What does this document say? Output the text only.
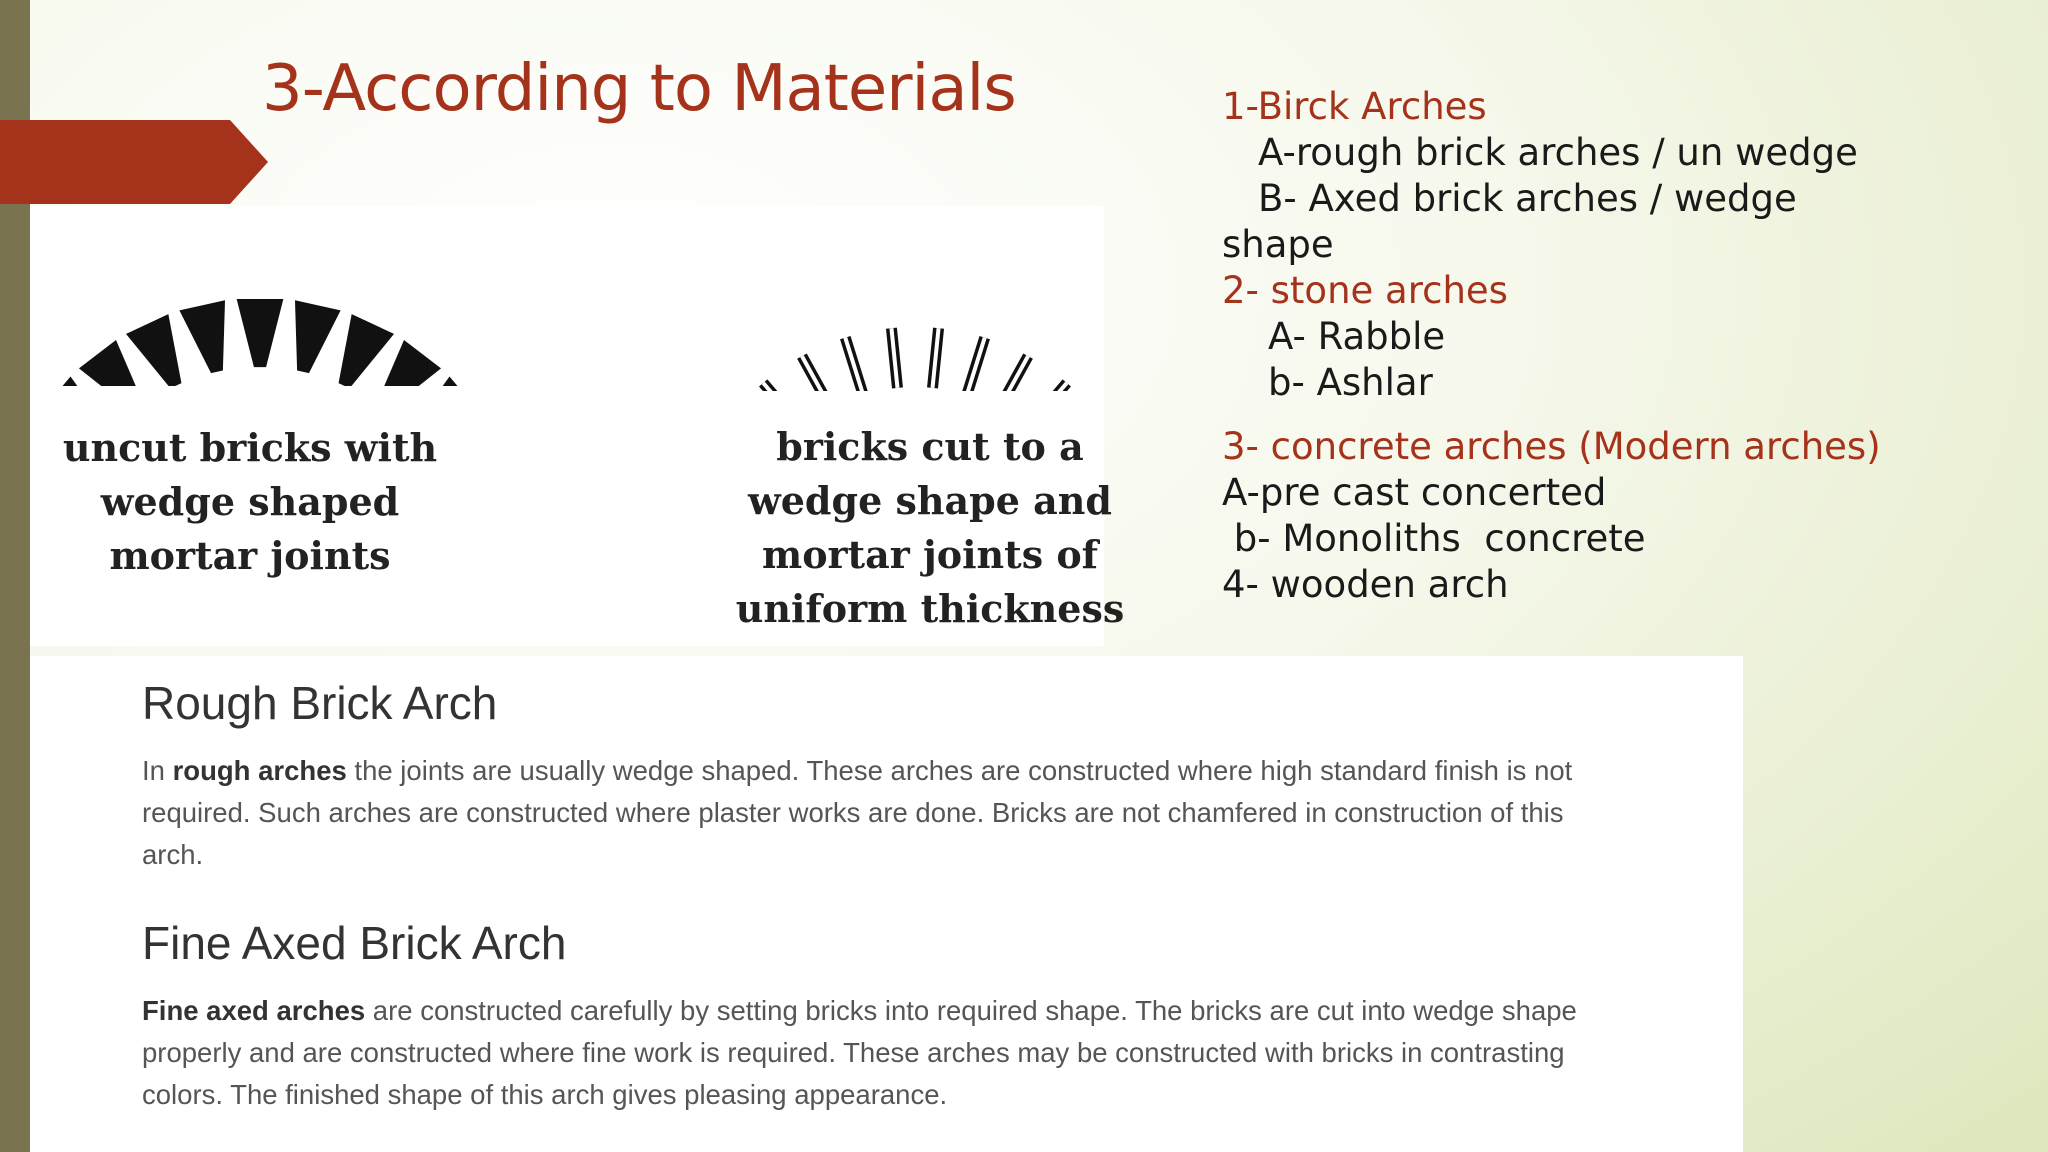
3-According to Materials
uncut bricks with
wedge shaped
mortar joints
bricks cut to a
wedge shape and
mortar joints of
uniform thickness
1-Birck Arches
A-rough brick arches / un wedge
B- Axed brick arches / wedge
shape
2- stone arches
A- Rabble
b- Ashlar
3- concrete arches (Modern arches)
A-pre cast concerted
b- Monoliths  concrete
4- wooden arch
Rough Brick Arch

In rough arches the joints are usually wedge shaped. These arches are constructed where high standard finish is not
required. Such arches are constructed where plaster works are done. Bricks are not chamfered in construction of this
arch.

Fine Axed Brick Arch

Fine axed arches are constructed carefully by setting bricks into required shape. The bricks are cut into wedge shape
properly and are constructed where fine work is required. These arches may be constructed with bricks in contrasting
colors. The finished shape of this arch gives pleasing appearance.
